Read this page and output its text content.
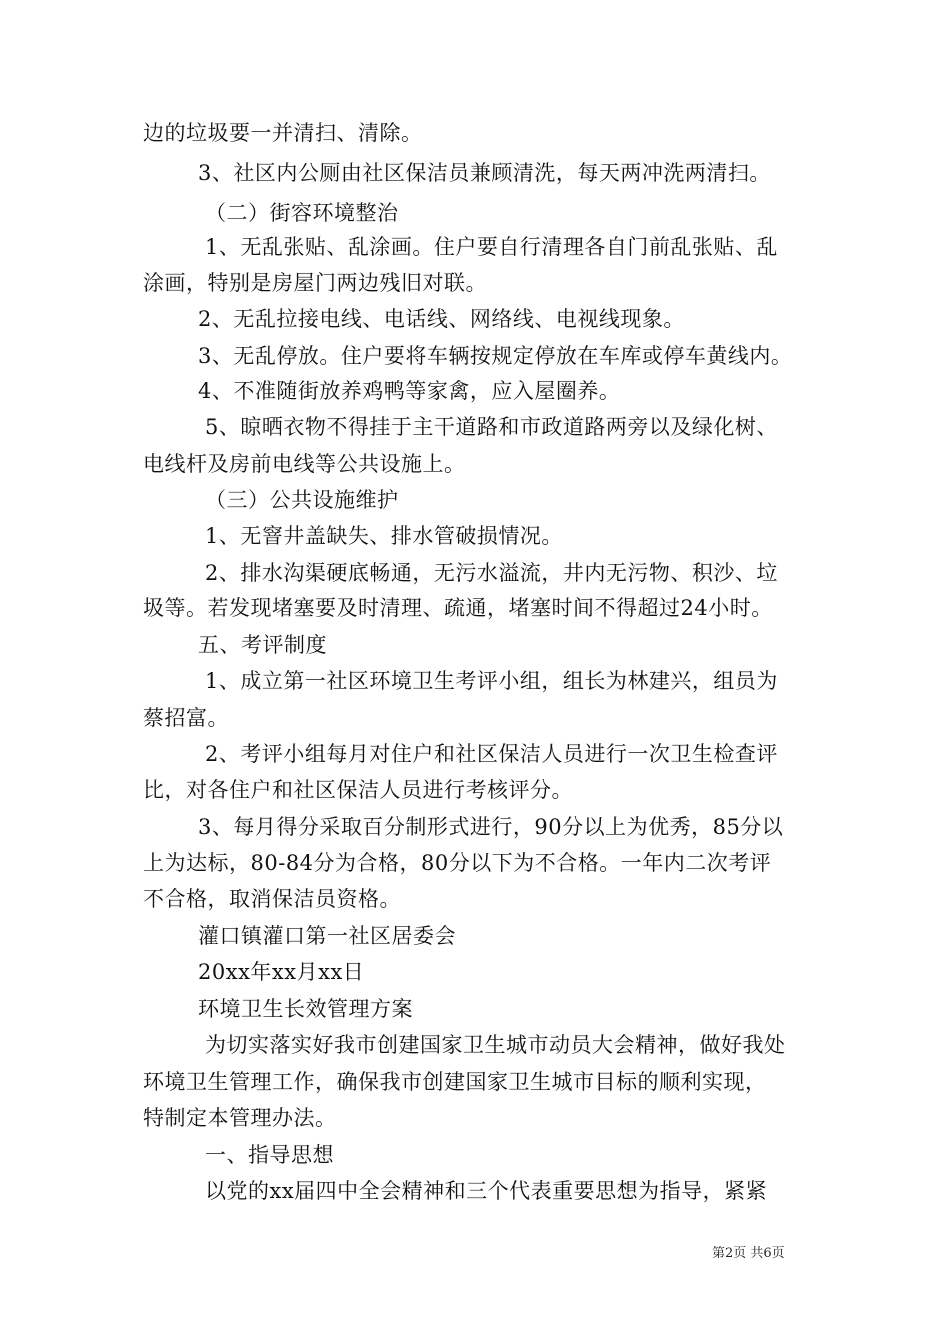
边的垃圾要一并清扫、清除。
3、社区内公厕由社区保洁员兼顾清洗，每天两冲洗两清扫。
（二）街容环境整治
1、无乱张贴、乱涂画。住户要自行清理各自门前乱张贴、乱
涂画，特别是房屋门两边残旧对联。
2、无乱拉接电线、电话线、网络线、电视线现象。
3、无乱停放。住户要将车辆按规定停放在车库或停车黄线内。
4、不准随街放养鸡鸭等家禽，应入屋圈养。
5、晾晒衣物不得挂于主干道路和市政道路两旁以及绿化树、
电线杆及房前电线等公共设施上。
（三）公共设施维护
1、无窨井盖缺失、排水管破损情况。
2、排水沟渠硬底畅通，无污水溢流，井内无污物、积沙、垃
圾等。若发现堵塞要及时清理、疏通，堵塞时间不得超过24小时。
五、考评制度
1、成立第一社区环境卫生考评小组，组长为林建兴，组员为
蔡招富。
2、考评小组每月对住户和社区保洁人员进行一次卫生检查评
比，对各住户和社区保洁人员进行考核评分。
3、每月得分采取百分制形式进行，90分以上为优秀，85分以
上为达标，80-84分为合格，80分以下为不合格。一年内二次考评
不合格，取消保洁员资格。
灌口镇灌口第一社区居委会
20xx年xx月xx日
环境卫生长效管理方案
为切实落实好我市创建国家卫生城市动员大会精神，做好我处
环境卫生管理工作，确保我市创建国家卫生城市目标的顺利实现，
特制定本管理办法。
一、指导思想
以党的xx届四中全会精神和三个代表重要思想为指导，紧紧
第2页 共6页
